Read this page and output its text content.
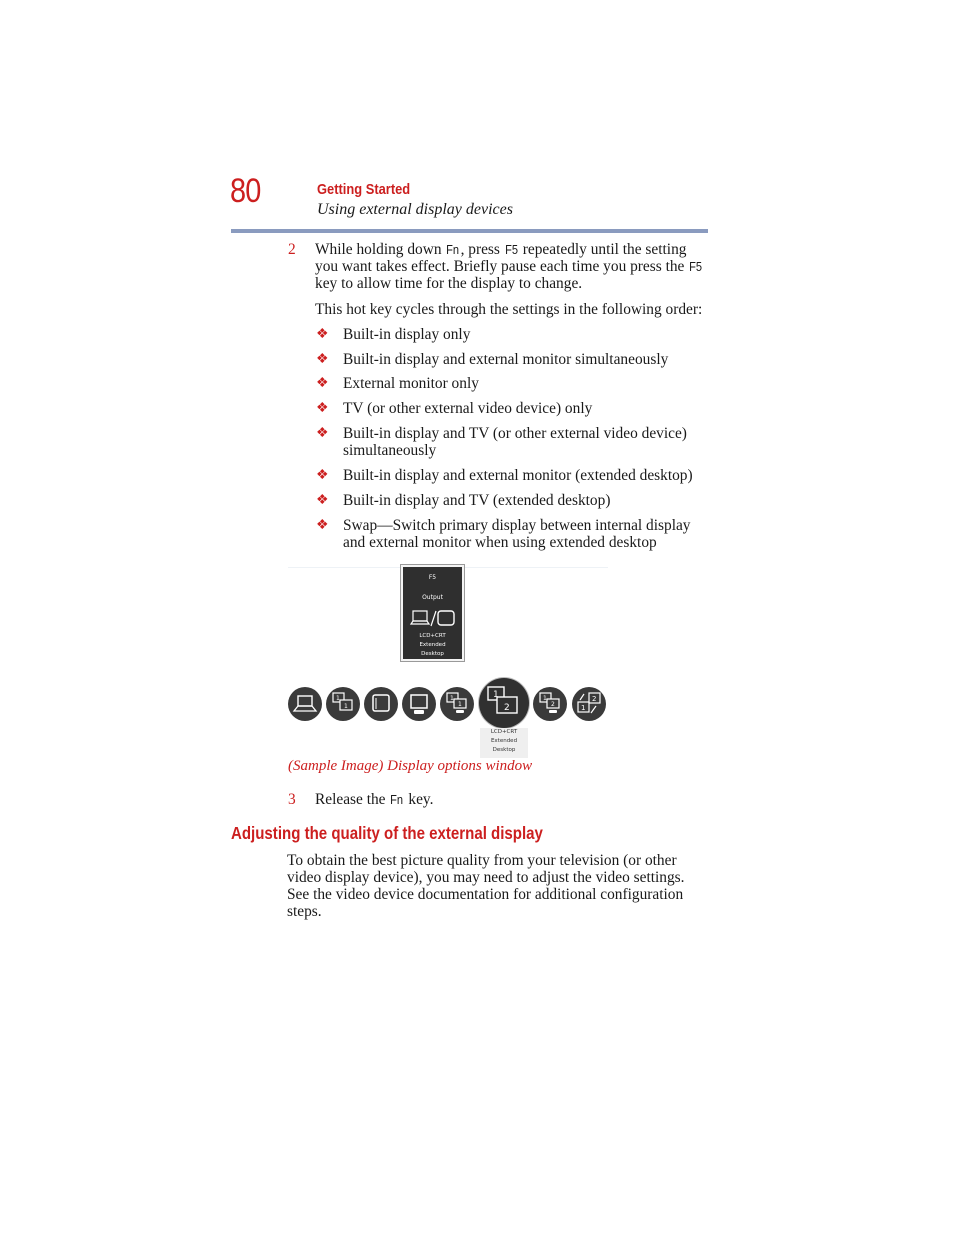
80	Getting Started
Using external display devices
2 While holding down Fn, press F5 repeatedly until the setting
you want takes effect. Briefly pause each time you press the F5
key to allow time for the display to change.
This hot key cycles through the settings in the following order:
❖ Built-in display only
❖ Built-in display and external monitor simultaneously
❖ External monitor only
❖ TV (or other external video device) only
❖ Built-in display and TV (or other external video device)
simultaneously
❖ Built-in display and external monitor (extended desktop)
❖ Built-in display and TV (extended desktop)
❖ Swap—Switch primary display between internal display
and external monitor when using extended desktop
F5
Output
LCD+CRT
Extended
Desktop
1
1
1
1
1
2
1
2
2
1
LCD+CRT
Extended
Desktop
(Sample Image) Display options window
3 Release the Fn key.
Adjusting the quality of the external display
To obtain the best picture quality from your television (or other
video display device), you may need to adjust the video settings.
See the video device documentation for additional configuration
steps.
